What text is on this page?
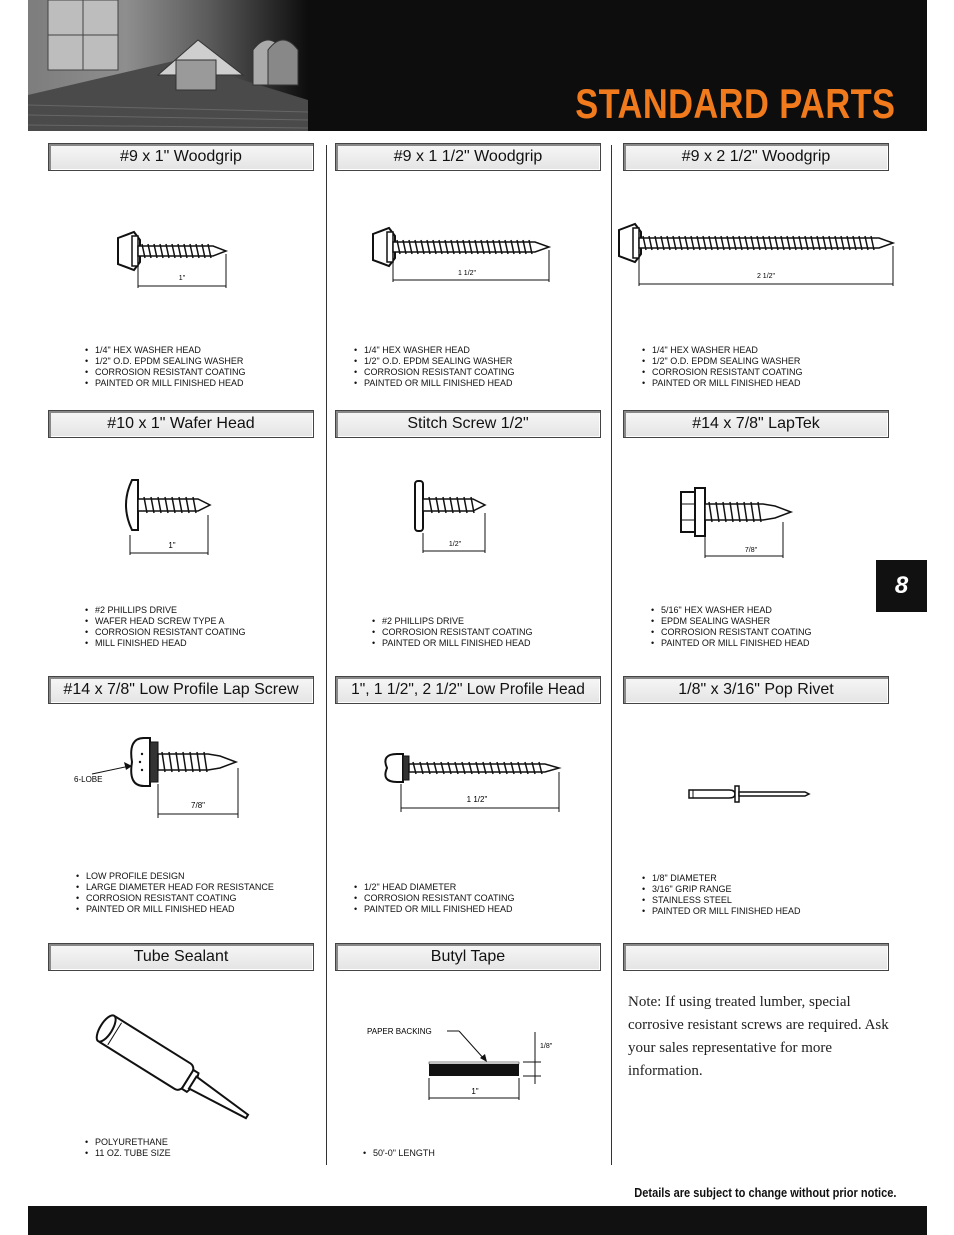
STANDARD PARTS
#9 x 1" Woodgrip
1"
• 1/4" HEX WASHER HEAD
• 1/2" O.D. EPDM SEALING WASHER
• CORROSION RESISTANT COATING
• PAINTED OR MILL FINISHED HEAD
#9 x 1 1/2" Woodgrip
1 1/2"
• 1/4" HEX WASHER HEAD
• 1/2" O.D. EPDM SEALING WASHER
• CORROSION RESISTANT COATING
• PAINTED OR MILL FINISHED HEAD
#9 x 2 1/2" Woodgrip
2 1/2"
• 1/4" HEX WASHER HEAD
• 1/2" O.D. EPDM SEALING WASHER
• CORROSION RESISTANT COATING
• PAINTED OR MILL FINISHED HEAD
#10 x 1" Wafer Head
1"
• #2 PHILLIPS DRIVE
• WAFER HEAD SCREW TYPE A
• CORROSION RESISTANT COATING
• MILL FINISHED HEAD
Stitch Screw 1/2"
1/2"
• #2 PHILLIPS DRIVE
• CORROSION RESISTANT COATING
• PAINTED OR MILL FINISHED HEAD
#14 x 7/8" LapTek
7/8"
• 5/16" HEX WASHER HEAD
• EPDM SEALING WASHER
• CORROSION RESISTANT COATING
• PAINTED OR MILL FINISHED HEAD
#14 x 7/8" Low Profile Lap Screw
6-LOBE
7/8"
• LOW PROFILE DESIGN
• LARGE DIAMETER HEAD FOR RESISTANCE
• CORROSION RESISTANT COATING
• PAINTED OR MILL FINISHED HEAD
1", 1 1/2", 2 1/2" Low Profile Head
1 1/2"
• 1/2" HEAD DIAMETER
• CORROSION RESISTANT COATING
• PAINTED OR MILL FINISHED HEAD
1/8" x 3/16" Pop Rivet
• 1/8" DIAMETER
• 3/16" GRIP RANGE
• STAINLESS STEEL
• PAINTED OR MILL FINISHED HEAD
Tube Sealant
• POLYURETHANE
• 11 OZ. TUBE SIZE
Butyl Tape
PAPER BACKING
1/8"
1"
• 50'-0" LENGTH
Note: If using treated lumber, special corrosive resistant screws are required. Ask your sales representative for more information.
8
Details are subject to change without prior notice.
